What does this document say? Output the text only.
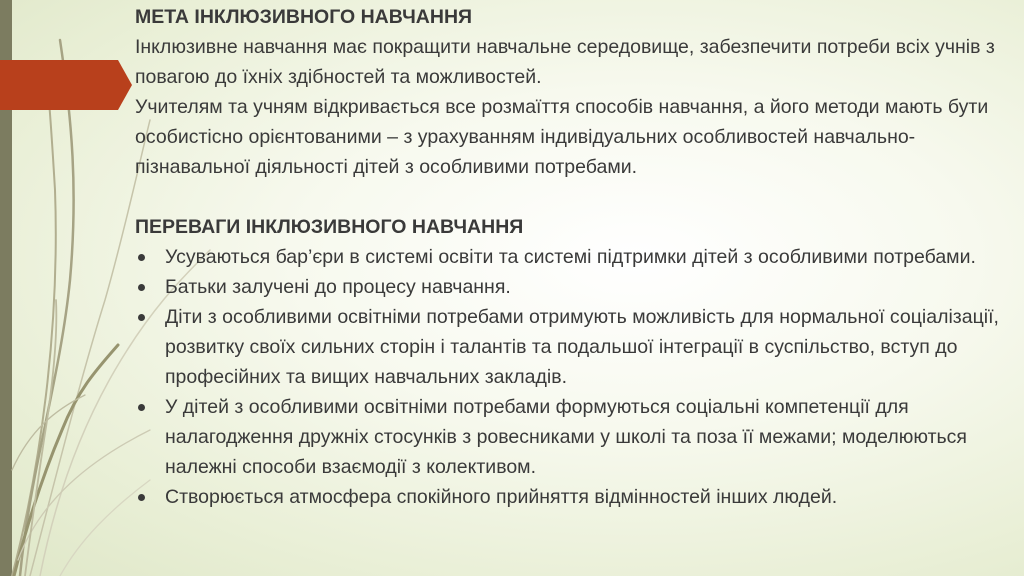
МЕТА ІНКЛЮЗИВНОГО НАВЧАННЯ

Інклюзивне навчання має покращити навчальне середовище, забезпечити потреби всіх учнів з повагою до їхніх здібностей та можливостей.

Учителям та учням відкривається все розмаїття способів навчання, а його методи мають бути особистісно орієнтованими – з урахуванням індивідуальних особливостей навчально-пізнавальної діяльності дітей з особливими потребами.

ПЕРЕВАГИ ІНКЛЮЗИВНОГО НАВЧАННЯ

Усуваються бар’єри в системі освіти та системі підтримки дітей з особливими потребами.
Батьки залучені до процесу навчання.
Діти з особливими освітніми потребами отримують можливість для нормальної соціалізації, розвитку своїх сильних сторін і талантів та подальшої інтеграції в суспільство, вступ до професійних та вищих навчальних закладів.
У дітей з особливими освітніми потребами формуються соціальні компетенції для налагодження дружніх стосунків з ровесниками у школі та поза її межами; моделюються належні способи взаємодії з колективом.
Створюється атмосфера спокійного прийняття відмінностей інших людей.
